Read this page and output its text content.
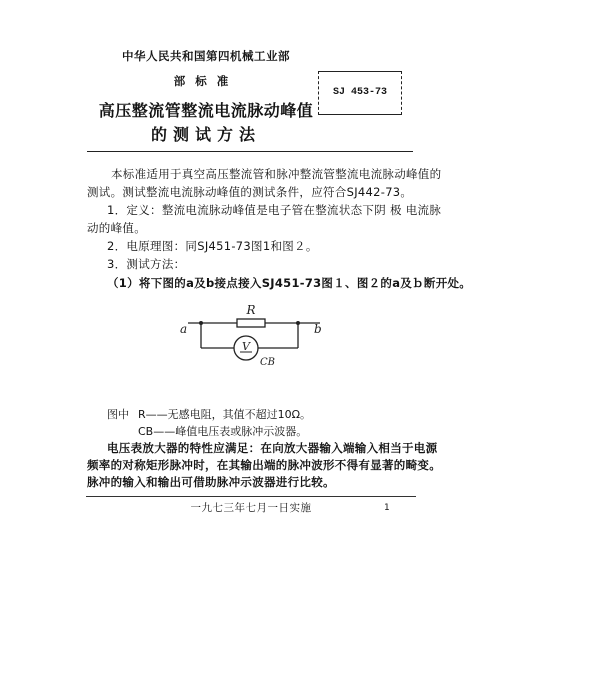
中华人民共和国第四机械工业部
部标准
高压整流管整流电流脉动峰值
的测试方法
SJ 453-73
本标准适用于真空高压整流管和脉冲整流管整流电流脉动峰值的
测试。测试整流电流脉动峰值的测试条件，应符合SJ442-73。
1．定义：整流电流脉动峰值是电子管在整流状态下阴 极 电流脉
动的峰值。
2．电原理图：同SJ451-73图1和图２。
3．测试方法：
（1）将下图的a及b接点接入SJ451-73图１、图２的a及ｂ断开处。
R
V
CB
a	b
图中 R——无感电阻，其值不超过10Ω。
CB——峰值电压表或脉冲示波器。
电压表放大器的特性应满足：在向放大器输入端输入相当于电源
频率的对称矩形脉冲时，在其输出端的脉冲波形不得有显著的畸变。
脉冲的输入和输出可借助脉冲示波器进行比较。
一九七三年七月一日实施	1
